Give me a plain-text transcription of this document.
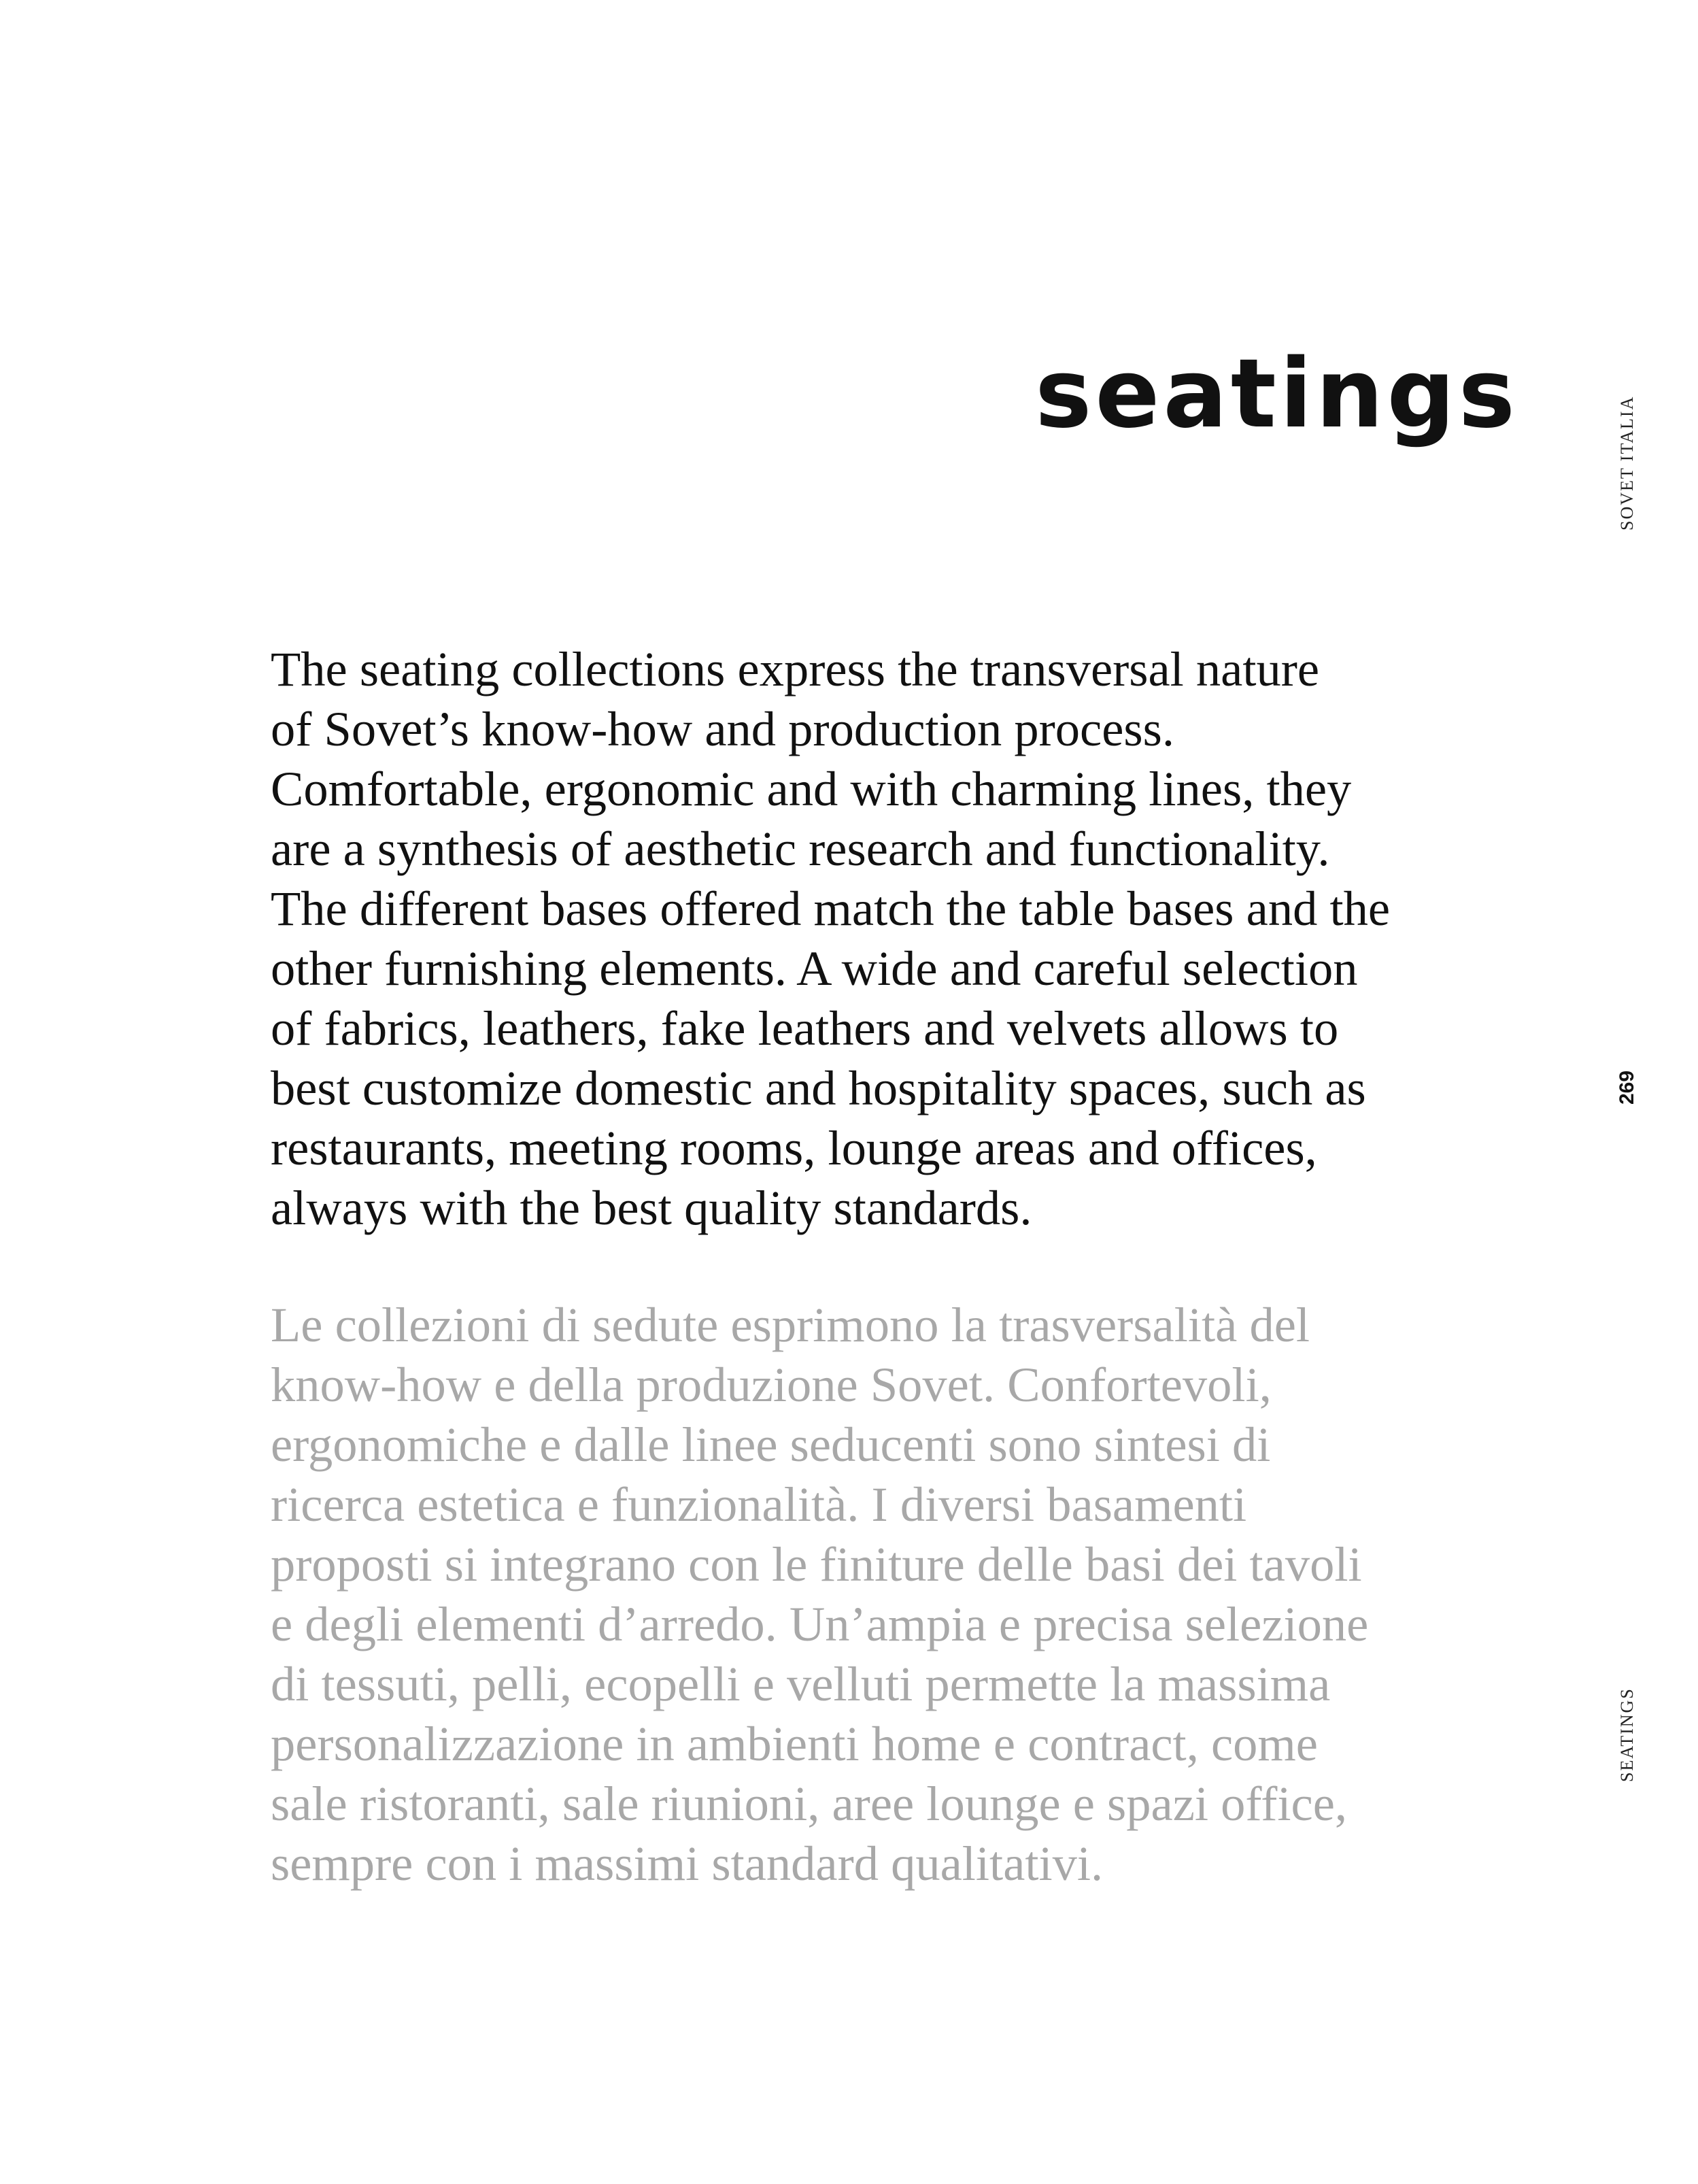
seatings
SOVET ITALIA
269
SEATINGS

The seating collections express the transversal nature
of Sovet’s know-how and production process.
Comfortable, ergonomic and with charming lines, they
are a synthesis of aesthetic research and functionality.
The different bases offered match the table bases and the
other furnishing elements. A wide and careful selection
of fabrics, leathers, fake leathers and velvets allows to
best customize domestic and hospitality spaces, such as
restaurants, meeting rooms, lounge areas and offices,
always with the best quality standards.

Le collezioni di sedute esprimono la trasversalità del
know-how e della produzione Sovet. Confortevoli,
ergonomiche e dalle linee seducenti sono sintesi di
ricerca estetica e funzionalità. I diversi basamenti
proposti si integrano con le finiture delle basi dei tavoli
e degli elementi d’arredo. Un’ampia e precisa selezione
di tessuti, pelli, ecopelli e velluti permette la massima
personalizzazione in ambienti home e contract, come
sale ristoranti, sale riunioni, aree lounge e spazi office,
sempre con i massimi standard qualitativi.
